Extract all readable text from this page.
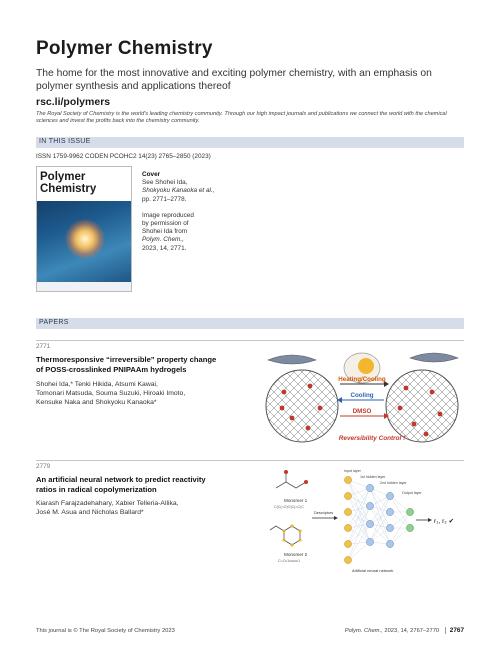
Polymer Chemistry
The home for the most innovative and exciting polymer chemistry, with an emphasis on polymer synthesis and applications thereof
rsc.li/polymers
The Royal Society of Chemistry is the world's leading chemistry community. Through our high impact journals and publications we connect the world with the chemical sciences and invest the profits back into the chemistry community.
IN THIS ISSUE
ISSN 1759-9962 CODEN PCOHC2 14(23) 2765–2850 (2023)
Polymer Chemistry
Cover
See Shohei Ida,
Shokyoku Kanaoka et al.,
pp. 2771–2778.
Image reproduced
by permission of
Shohei Ida from
Polym. Chem.,
2023, 14, 2771.
PAPERS
2771
Thermoresponsive “irreversible” property change
of POSS-crosslinked PNIPAAm hydrogels
Shohei Ida,* Tenki Hikida, Atsumi Kawai,
Tomonari Matsuda, Souma Suzuki, Hiroaki Imoto,
Kensuke Naka and Shokyoku Kanaoka*
Heating/Cooling
Cooling
DMSO
Reversibility Control !
2779
An artificial neural network to predict reactivity
ratios in radical copolymerization
Kiarash Farajzadehahary, Xabier Telleria-Allika,
José M. Asua and Nicholas Ballard*
Monomer 1
C(C(=O)O)C(=C)C
Monomer 2
C=Cc1ccccc1
Descriptors
Input layer
1st hidden layer
2nd hidden layer
Output layer
r₁, r₂ ✔
Artificial neural network
This journal is © The Royal Society of Chemistry 2023	Polym. Chem., 2023, 14, 2767–2770 2767
